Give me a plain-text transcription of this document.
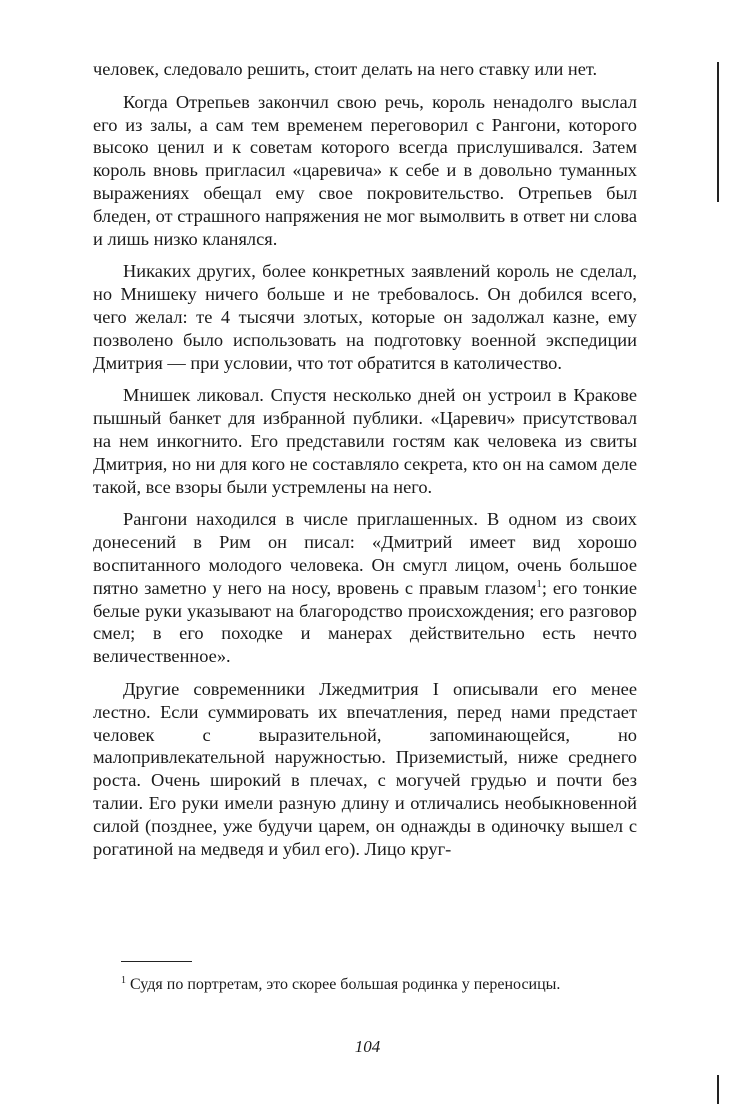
человек, следовало решить, стоит делать на него ставку или нет.

Когда Отрепьев закончил свою речь, король ненадолго выслал его из залы, а сам тем временем переговорил с Рангони, которого высоко ценил и к советам которого всегда прислушивался. Затем король вновь пригласил «царевича» к себе и в довольно туманных выражениях обещал ему свое покровительство. Отрепьев был бледен, от страшного напряжения не мог вымолвить в ответ ни слова и лишь низко кланялся.

Никаких других, более конкретных заявлений король не сделал, но Мнишеку ничего больше и не требовалось. Он добился всего, чего желал: те 4 тысячи злотых, которые он задолжал казне, ему позволено было использовать на подготовку военной экспедиции Дмитрия — при условии, что тот обратится в католичество.

Мнишек ликовал. Спустя несколько дней он устроил в Кракове пышный банкет для избранной публики. «Царевич» присутствовал на нем инкогнито. Его представили гостям как человека из свиты Дмитрия, но ни для кого не составляло секрета, кто он на самом деле такой, все взоры были устремлены на него.

Рангони находился в числе приглашенных. В одном из своих донесений в Рим он писал: «Дмитрий имеет вид хорошо воспитанного молодого человека. Он смугл лицом, очень большое пятно заметно у него на носу, вровень с правым глазом$^1$; его тонкие белые руки указывают на благородство происхождения; его разговор смел; в его походке и манерах действительно есть нечто величественное».

Другие современники Лжедмитрия I описывали его менее лестно. Если суммировать их впечатления, перед нами предстает человек с выразительной, запоминающейся, но малопривлекательной наружностью. Приземистый, ниже среднего роста. Очень широкий в плечах, с могучей грудью и почти без талии. Его руки имели разную длину и отличались необыкновенной силой (позднее, уже будучи царем, он однажды в одиночку вышел с рогатиной на медведя и убил его). Лицо круг-

$^1$ Судя по портретам, это скорее большая родинка у переносицы.

104
